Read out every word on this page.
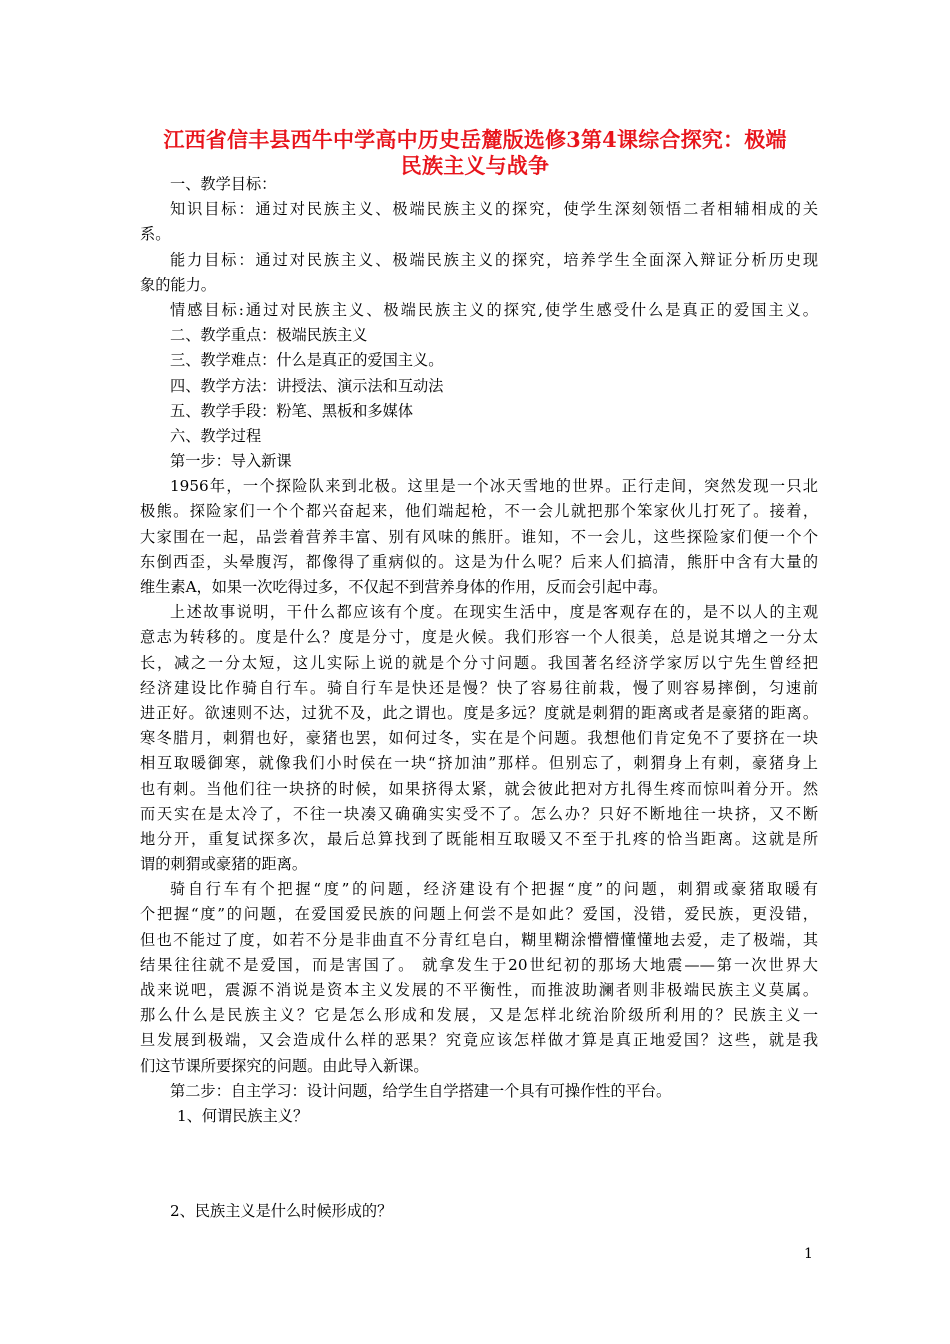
江西省信丰县西牛中学高中历史岳麓版选修3第4课综合探究：极端
民族主义与战争
一、教学目标：
知识目标：通过对民族主义、极端民族主义的探究，使学生深刻领悟二者相辅相成的关
系。
能力目标：通过对民族主义、极端民族主义的探究，培养学生全面深入辩证分析历史现
象的能力。
情感目标:通过对民族主义、极端民族主义的探究,使学生感受什么是真正的爱国主义。
二、教学重点：极端民族主义
三、教学难点：什么是真正的爱国主义。
四、教学方法：讲授法、演示法和互动法
五、教学手段：粉笔、黑板和多媒体
六、教学过程
第一步：导入新课
1956年，一个探险队来到北极。这里是一个冰天雪地的世界。正行走间，突然发现一只北
极熊。探险家们一个个都兴奋起来，他们端起枪，不一会儿就把那个笨家伙儿打死了。接着，
大家围在一起，品尝着营养丰富、别有风味的熊肝。谁知，不一会儿，这些探险家们便一个个
东倒西歪，头晕腹泻，都像得了重病似的。这是为什么呢？后来人们搞清，熊肝中含有大量的
维生素A，如果一次吃得过多，不仅起不到营养身体的作用，反而会引起中毒。
上述故事说明，干什么都应该有个度。在现实生活中，度是客观存在的，是不以人的主观
意志为转移的。度是什么？度是分寸，度是火候。我们形容一个人很美，总是说其增之一分太
长，减之一分太短，这儿实际上说的就是个分寸问题。我国著名经济学家厉以宁先生曾经把
经济建设比作骑自行车。骑自行车是快还是慢？快了容易往前栽，慢了则容易摔倒，匀速前
进正好。欲速则不达，过犹不及，此之谓也。度是多远？度就是刺猬的距离或者是豪猪的距离。
寒冬腊月，刺猬也好，豪猪也罢，如何过冬，实在是个问题。我想他们肯定免不了要挤在一块
相互取暖御寒，就像我们小时侯在一块“挤加油”那样。但别忘了，刺猬身上有刺，豪猪身上
也有刺。当他们往一块挤的时候，如果挤得太紧，就会彼此把对方扎得生疼而惊叫着分开。然
而天实在是太冷了，不往一块凑又确确实实受不了。怎么办？只好不断地往一块挤，又不断
地分开，重复试探多次，最后总算找到了既能相互取暖又不至于扎疼的恰当距离。这就是所
谓的刺猬或豪猪的距离。
骑自行车有个把握“度”的问题，经济建设有个把握“度”的问题，刺猬或豪猪取暖有
个把握“度”的问题，在爱国爱民族的问题上何尝不是如此？爱国，没错，爱民族，更没错，
但也不能过了度，如若不分是非曲直不分青红皂白，糊里糊涂懵懵懂懂地去爱，走了极端，其
结果往往就不是爱国，而是害国了。 就拿发生于20世纪初的那场大地震——第一次世界大
战来说吧，震源不消说是资本主义发展的不平衡性，而推波助澜者则非极端民族主义莫属。
那么什么是民族主义？它是怎么形成和发展，又是怎样北统治阶级所利用的？民族主义一
旦发展到极端，又会造成什么样的恶果？究竟应该怎样做才算是真正地爱国？这些，就是我
们这节课所要探究的问题。由此导入新课。
第二步：自主学习：设计问题，给学生自学搭建一个具有可操作性的平台。
1、何谓民族主义？
2、民族主义是什么时候形成的？
1
